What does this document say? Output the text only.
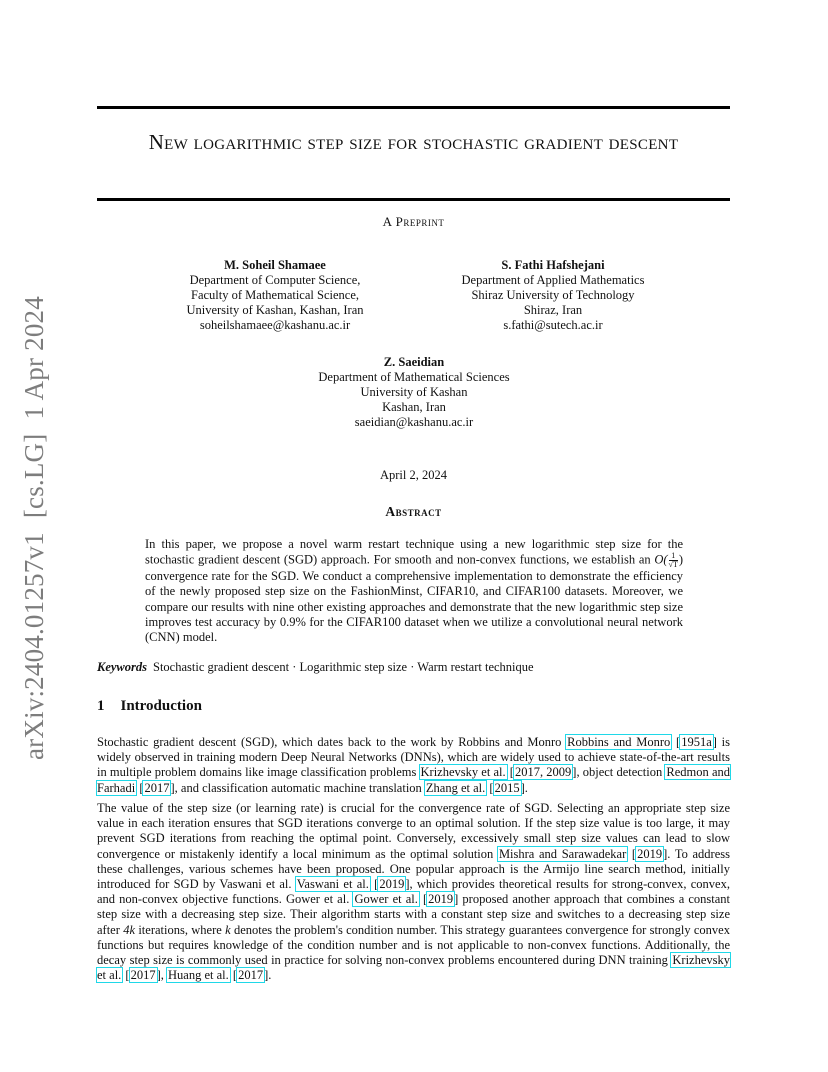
arXiv:2404.01257v1[cs.LG]1 Apr 2024
New logarithmic step size for stochastic gradient descent
A Preprint
M. Soheil Shamaee
Department of Computer Science,
Faculty of Mathematical Science,
University of Kashan, Kashan, Iran
soheilshamaee@kashanu.ac.ir
S. Fathi Hafshejani
Department of Applied Mathematics
Shiraz University of Technology
Shiraz, Iran
s.fathi@sutech.ac.ir
Z. Saeidian
Department of Mathematical Sciences
University of Kashan
Kashan, Iran
saeidian@kashanu.ac.ir
April 2, 2024
Abstract
In this paper, we propose a novel warm restart technique using a new logarithmic step size for the stochastic gradient descent (SGD) approach. For smooth and non-convex functions, we establish an $O( \frac{1}{√T}$ ) convergence rate for the SGD. We conduct a comprehensive implementation to demonstrate the efficiency of the newly proposed step size on the FashionMinst, CIFAR10, and CIFAR100 datasets. Moreover, we compare our results with nine other existing approaches and demonstrate that the new logarithmic step size improves test accuracy by 0.9% for the CIFAR100 dataset when we utilize a convolutional neural network (CNN) model.
Keywords Stochastic gradient descent · Logarithmic step size · Warm restart technique
1 Introduction
Stochastic gradient descent (SGD), which dates back to the work by Robbins and Monro Robbins and Monro [1951a] is widely observed in training modern Deep Neural Networks (DNNs), which are widely used to achieve state-of-the-art results in multiple problem domains like image classification problems Krizhevsky et al. [2017, 2009], object detection Redmon and Farhadi [2017], and classification automatic machine translation Zhang et al. [2015].
The value of the step size (or learning rate) is crucial for the convergence rate of SGD. Selecting an appropriate step size value in each iteration ensures that SGD iterations converge to an optimal solution. If the step size value is too large, it may prevent SGD iterations from reaching the optimal point. Conversely, excessively small step size values can lead to slow convergence or mistakenly identify a local minimum as the optimal solution Mishra and Sarawadekar [2019]. To address these challenges, various schemes have been proposed. One popular approach is the Armijo line search method, initially introduced for SGD by Vaswani et al. Vaswani et al. [2019], which provides theoretical results for strong-convex, convex, and non-convex objective functions. Gower et al. Gower et al. [2019] proposed another approach that combines a constant step size with a decreasing step size. Their algorithm starts with a constant step size and switches to a decreasing step size after 4k iterations, where k denotes the problem's condition number. This strategy guarantees convergence for strongly convex functions but requires knowledge of the condition number and is not applicable to non-convex functions. Additionally, the decay step size is commonly used in practice for solving non-convex problems encountered during DNN training Krizhevsky et al. [2017], Huang et al. [2017].
